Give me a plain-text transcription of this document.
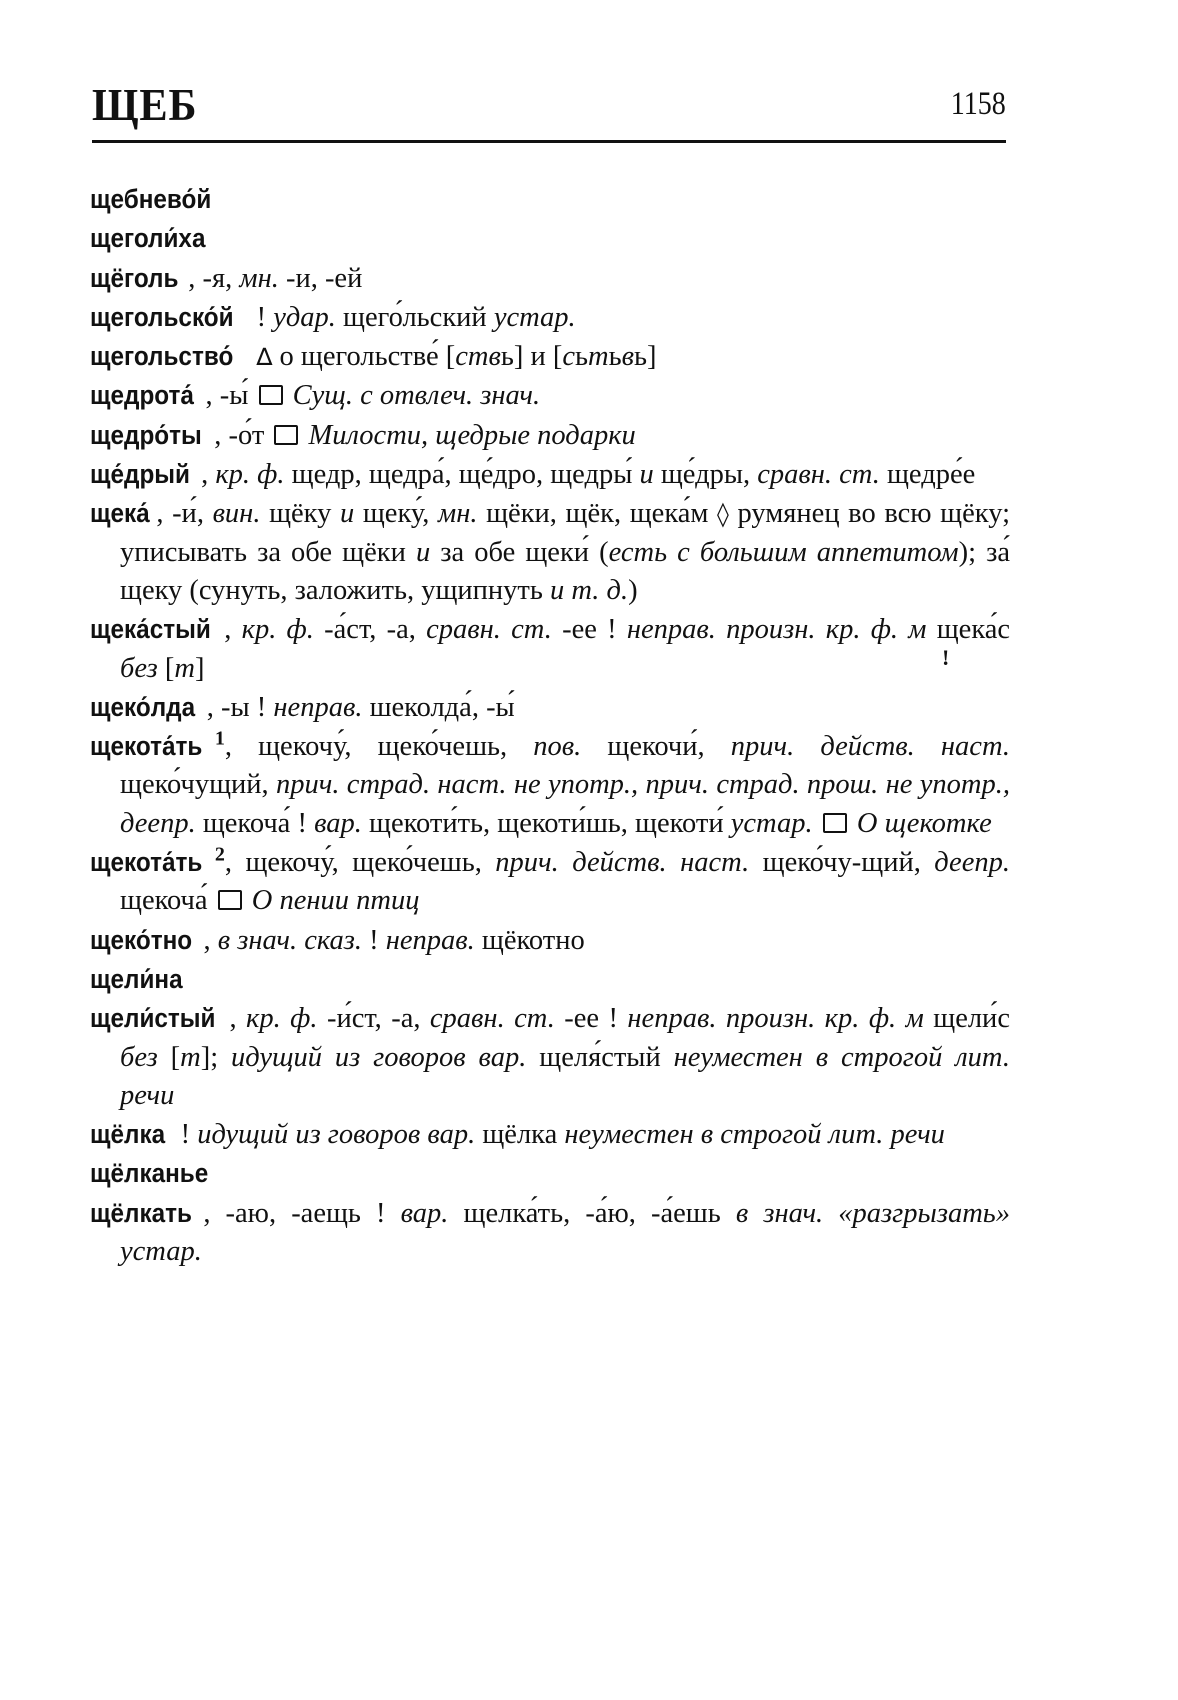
ЩЕБ	1158
щебнево́й
щеголи́ха
щёголь , -я, мн. -и, -ей
щегольско́й ! удар. щего́льский устар.
щегольство́ ∆ о щегольстве́ [ствь] и [сьтьвь]
щедрота́ , -ы́  Сущ. с отвлеч. знач.
щедро́ты , -о́т  Милости, щедрые подарки
ще́дрый , кр. ф. щедр, щедра́, ще́дро, щедры́ и ще́дры, сравн. ст. щедре́е
щека́ , -и́, вин. щёку и щеку́, мн. щёки, щёк, щека́м ◊ румянец во всю щёку; уписывать за обе щёки и за обе щеки́ (есть с большим аппетитом); за́ щеку (сунуть, заложить, ущипнуть и т. д.)
щека́стый , кр. ф. -а́ст, -а, сравн. ст. -ее ! неправ. произн. кр. ф. м щека́с без [т]
щеко́лда , -ы ! неправ. шеколда́, -ы́
щекота́ть $^1$, щекочу́, щеко́чешь, пов. щекочи́, прич. действ. наст. щеко́чущий, прич. страд. наст. не употр., прич. страд. прош. не употр., деепр. щекоча́ ! вар. щекоти́ть, щекоти́шь, щекоти́ устар. О щекотке
щекота́ть $^2$, щекочу́, щеко́чешь, прич. действ. наст. щеко́чу-щий, деепр. щекоча́  О пении птиц
щеко́тно , в знач. сказ. ! неправ. щёкотно
щели́на
щели́стый , кр. ф. -и́ст, -а, сравн. ст. -ее ! неправ. произн. кр. ф. м щели́с без [т]; идущий из говоров вар. щеля́стый неуместен в строгой лит. речи
щёлка ! идущий из говоров вар. щёлка неуместен в строгой лит. речи
щёлканье
щёлкать , -аю, -аещь ! вар. щелка́ть, -а́ю, -а́ешь в знач. «разгрызать» устар.
!
